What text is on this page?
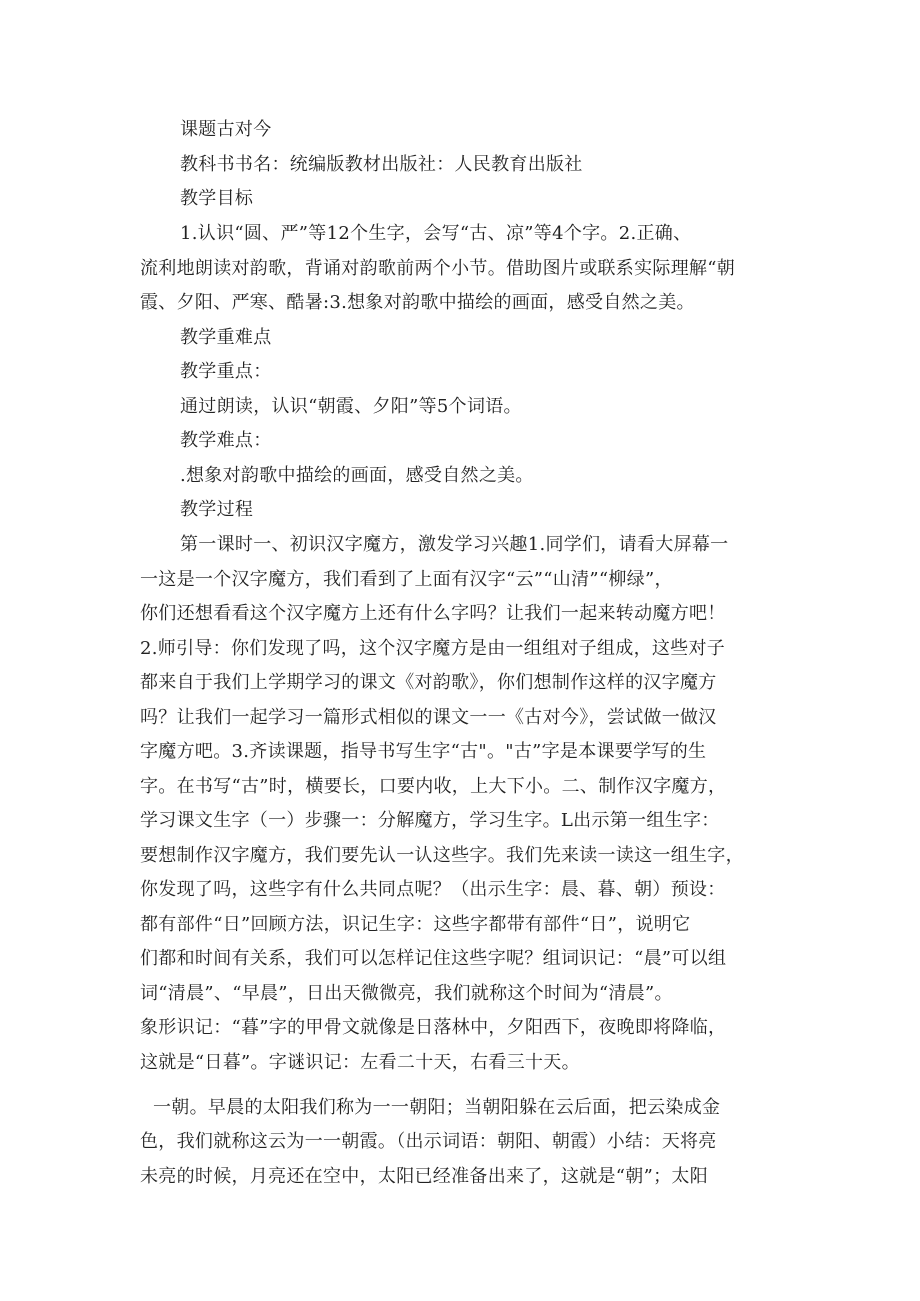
课题古对今
教科书书名：统编版教材出版社：人民教育出版社
教学目标
1.认识“圆、严”等12个生字，会写“古、凉”等4个字。2.正确、
流利地朗读对韵歌，背诵对韵歌前两个小节。借助图片或联系实际理解“朝
霞、夕阳、严寒、酷暑:3.想象对韵歌中描绘的画面，感受自然之美。
教学重难点
教学重点：
通过朗读，认识“朝霞、夕阳”等5个词语。
教学难点：
.想象对韵歌中描绘的画面，感受自然之美。
教学过程
第一课时一、初识汉字魔方，激发学习兴趣1.同学们，请看大屏幕一
一这是一个汉字魔方，我们看到了上面有汉字“云”“山清”“柳绿”，
你们还想看看这个汉字魔方上还有什么字吗？让我们一起来转动魔方吧！
2.师引导：你们发现了吗，这个汉字魔方是由一组组对子组成，这些对子
都来自于我们上学期学习的课文《对韵歌》，你们想制作这样的汉字魔方
吗？让我们一起学习一篇形式相似的课文一一《古对今》，尝试做一做汉
字魔方吧。3.齐读课题，指导书写生字“古"。"古”字是本课要学写的生
字。在书写“古”时，横要长，口要内收，上大下小。二、制作汉字魔方，
学习课文生字（一）步骤一：分解魔方，学习生字。L出示第一组生字：
要想制作汉字魔方，我们要先认一认这些字。我们先来读一读这一组生字，
你发现了吗，这些字有什么共同点呢？（出示生字：晨、暮、朝）预设：
都有部件“日”回顾方法，识记生字：这些字都带有部件“日”，说明它
们都和时间有关系，我们可以怎样记住这些字呢？组词识记：“晨”可以组
词“清晨”、“早晨”，日出天微微亮，我们就称这个时间为“清晨”。
象形识记：“暮”字的甲骨文就像是日落林中，夕阳西下，夜晚即将降临，
这就是“日暮”。字谜识记：左看二十天，右看三十天。
一朝。早晨的太阳我们称为一一朝阳；当朝阳躲在云后面，把云染成金
色，我们就称这云为一一朝霞。（出示词语：朝阳、朝霞）小结：天将亮
未亮的时候，月亮还在空中，太阳已经准备出来了，这就是“朝”；太阳
